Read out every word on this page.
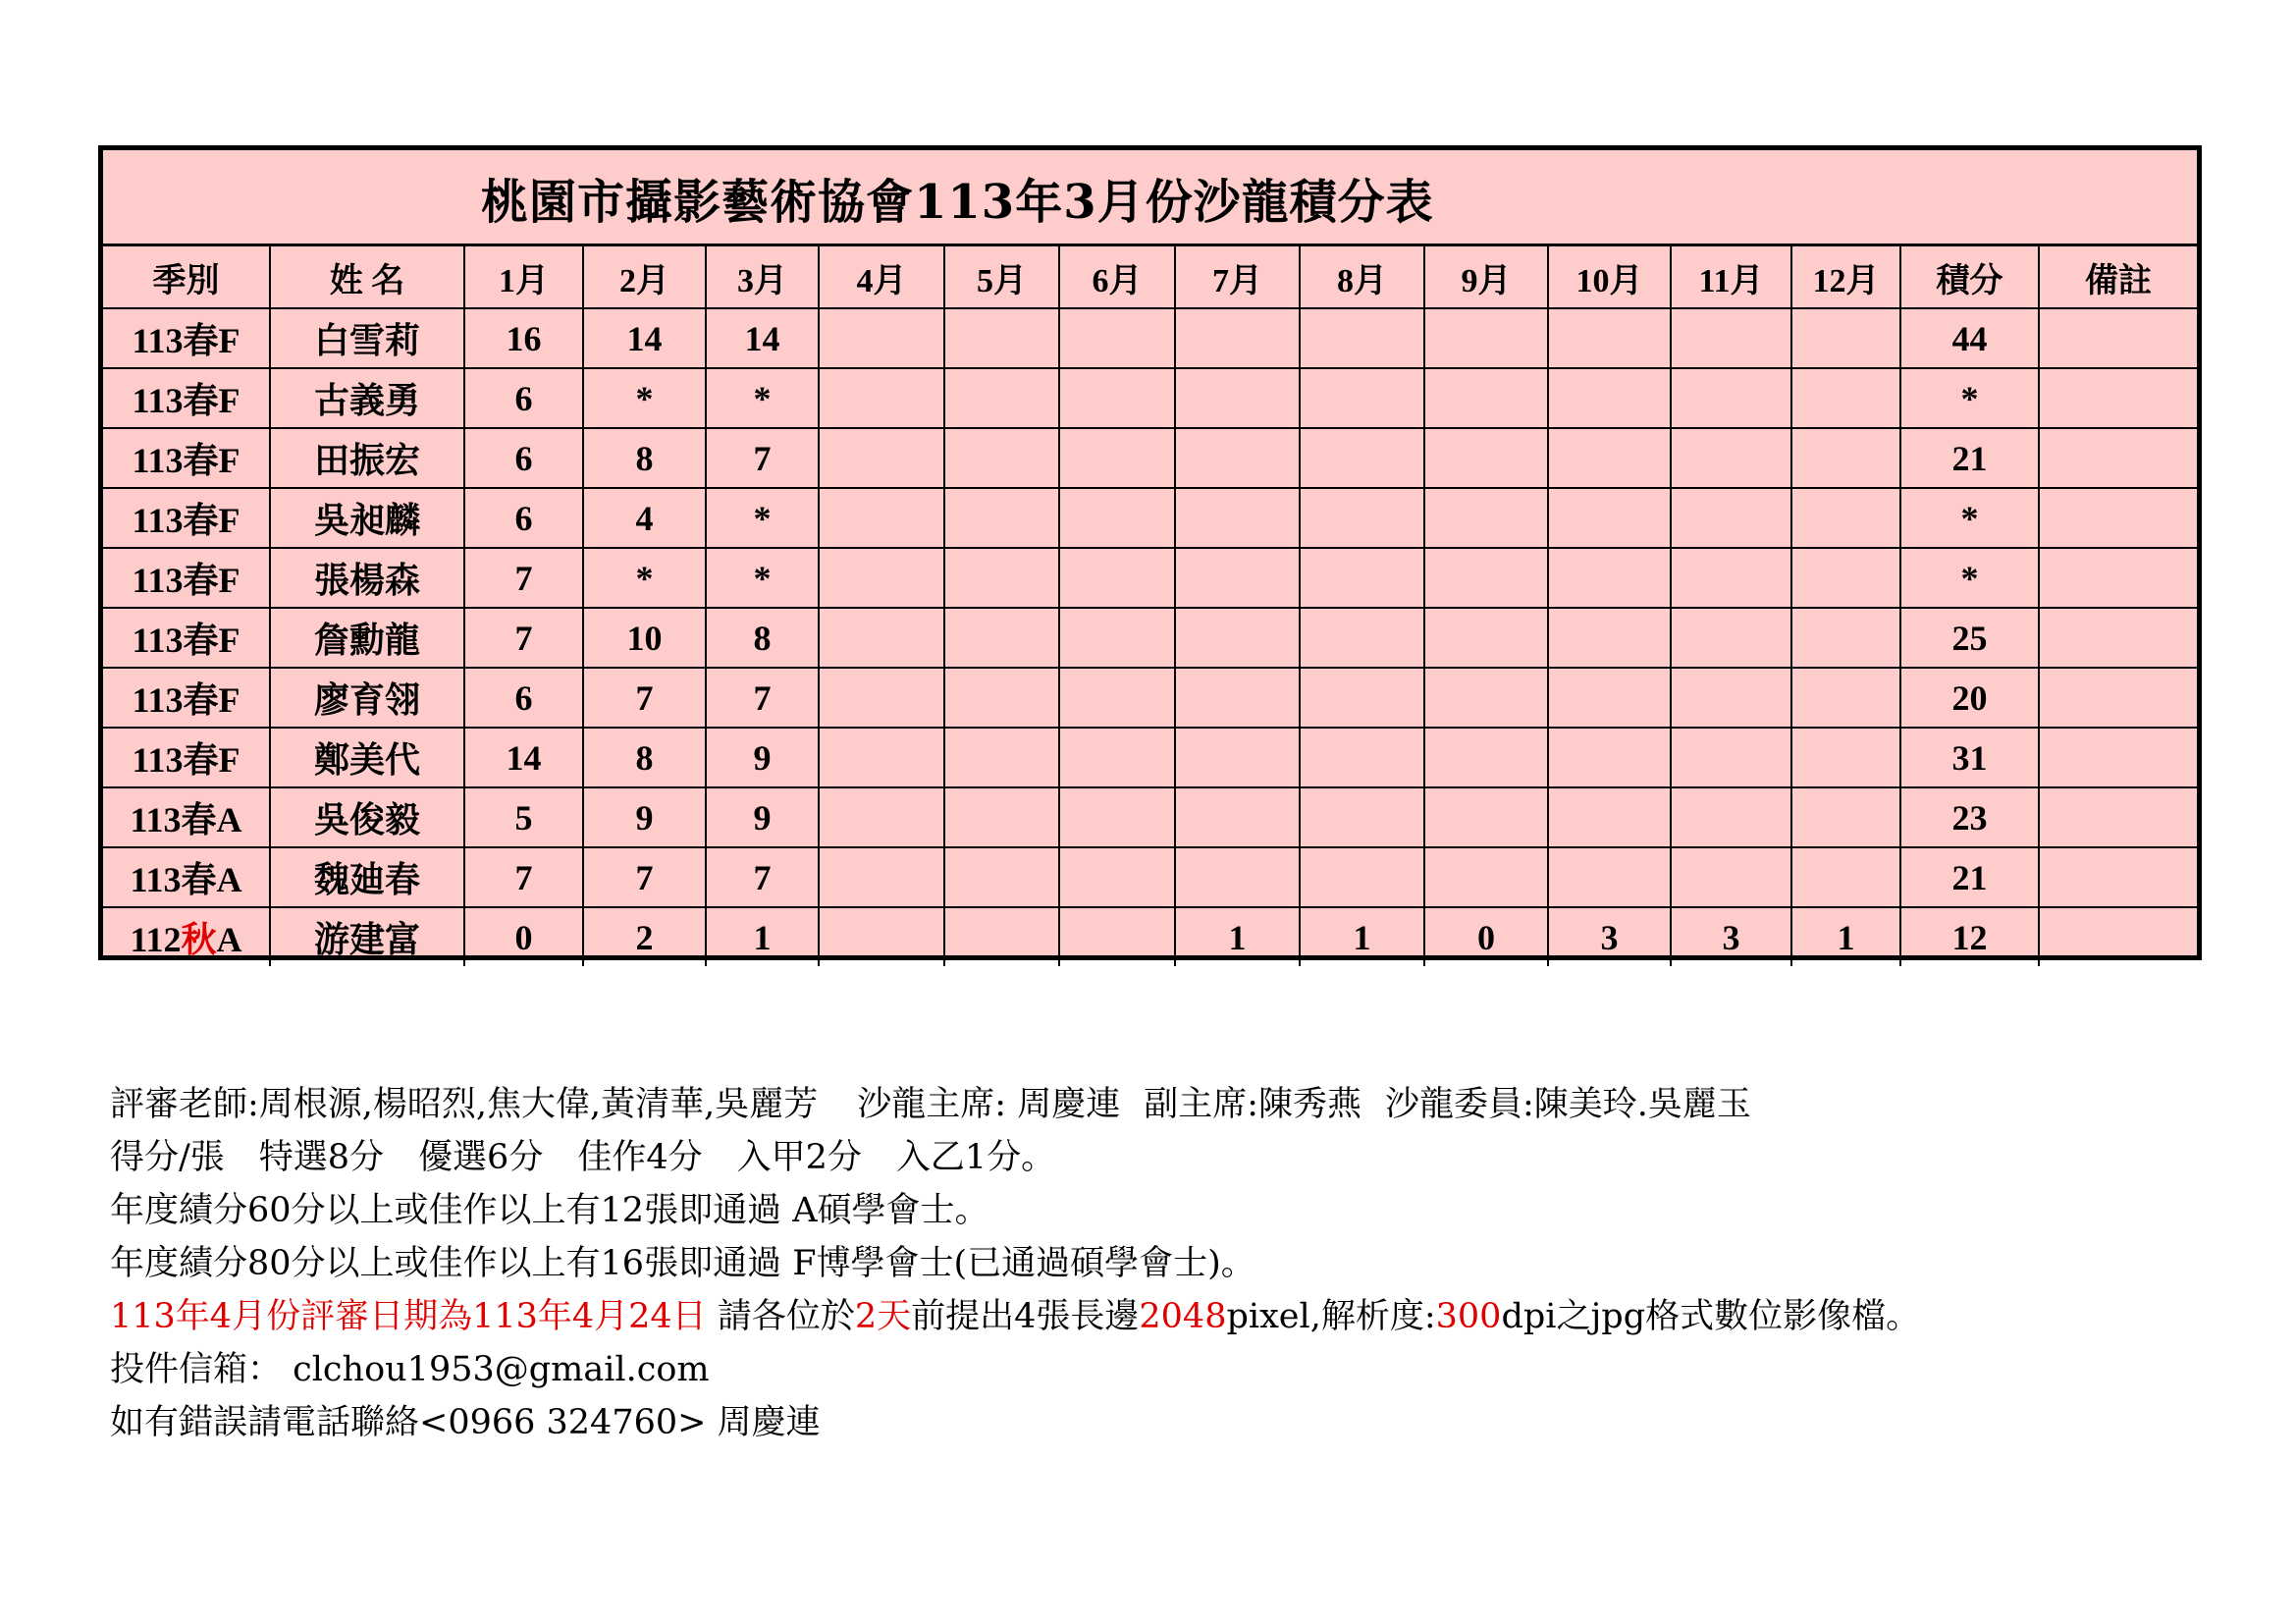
桃園市攝影藝術協會113年3月份沙龍積分表
季別	姓 名	1月	2月	3月	4月	5月	6月	7月	8月	9月	10月	11月	12月	積分	備註
113春F	白雪莉	16	14	14										44	
113春F	古義勇	6	*	*										*	
113春F	田振宏	6	8	7										21	
113春F	吳昶麟	6	4	*										*	
113春F	張楊森	7	*	*										*	
113春F	詹勳龍	7	10	8										25	
113春F	廖育翎	6	7	7										20	
113春F	鄭美代	14	8	9										31	
113春A	吳俊毅	5	9	9										23	
113春A	魏廸春	7	7	7										21	
112秋A	游建富	0	2	1				1	1	0	3	3	1	12	
評審老師:周根源,楊昭烈,焦大偉,黃清華,吳麗芳 沙龍主席: 周慶連 副主席:陳秀燕 沙龍委員:陳美玲.吳麗玉
得分/張　特選8分　優選6分　佳作4分　入甲2分　入乙1分。
年度績分60分以上或佳作以上有12張即通過 A碩學會士。
年度績分80分以上或佳作以上有16張即通過 F博學會士(已通過碩學會士)。
113年4月份評審日期為113年4月24日 請各位於2天前提出4張長邊2048pixel,解析度:300dpi之jpg格式數位影像檔。
投件信箱： clchou1953@gmail.com
如有錯誤請電話聯絡<0966 324760> 周慶連
